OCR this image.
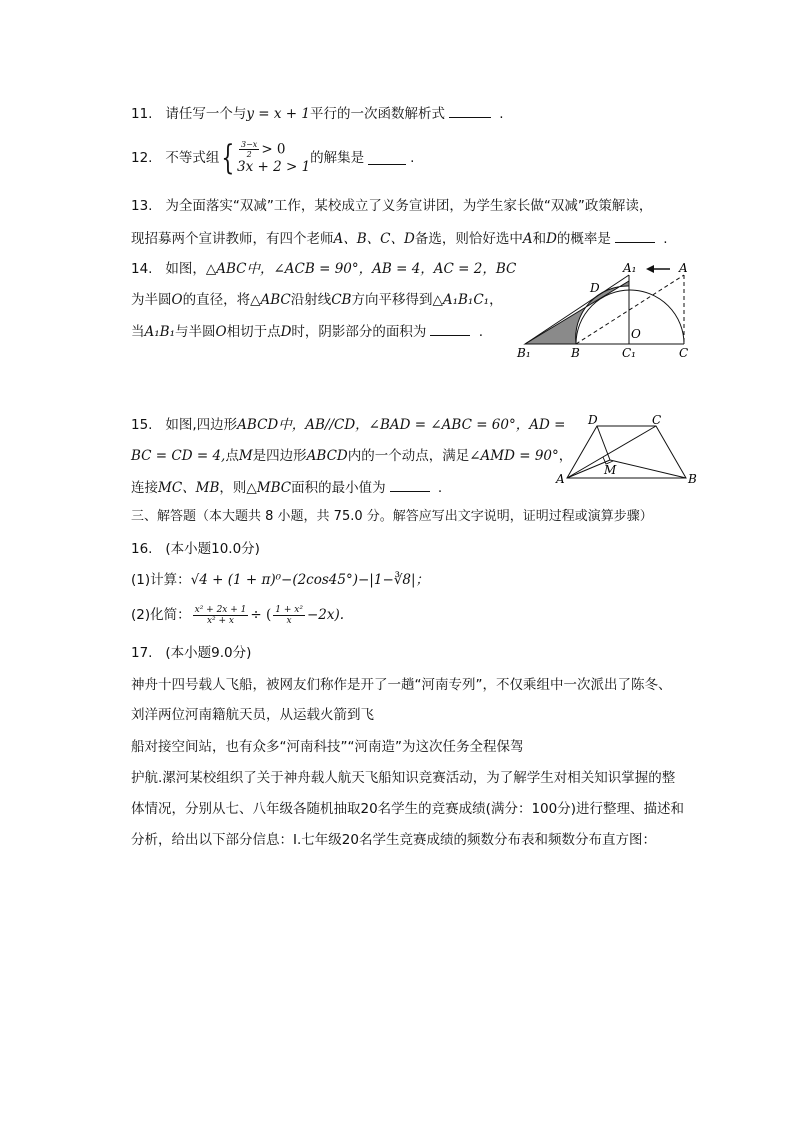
11. 请任写一个与y = x + 1平行的一次函数解析式	.
12. 不等式组{ $\frac{3-x}{2} > 0$
3x + 2 > 1
的解集是	.
13. 为全面落实“双减”工作，某校成立了义务宣讲团，为学生家长做“双减”政策解读，
现招募两个宣讲教师，有四个老师A、B、C、D备选，则恰好选中A和D的概率是	.
14. 如图，△ABC中，∠ACB = 90°，AB = 4，AC = 2，BC
为半圆O的直径，将△ABC沿射线CB方向平移得到△A₁B₁C₁，
当A₁B₁与半圆O相切于点D时，阴影部分的面积为	.
A₁	A
D
O
B₁	B	C₁	C
15. 如图,四边形ABCD中，AB//CD，∠BAD = ∠ABC = 60°，AD =
BC = CD = 4,点M是四边形ABCD内的一个动点，满足∠AMD = 90°，
连接MC、MB，则△MBC面积的最小值为	.
D	C
M
A	B
三、解答题（本大题共 8 小题，共 75.0 分。解答应写出文字说明，证明过程或演算步骤）
16. (本小题10.0分)
(1)计算：√4 + (1 + π)⁰−(2cos45°)−|1−∛8|；
(2)化简： $\frac{\text{x² + 2x + 1}}{\text{x² + x}}$ ÷ ( $\frac{\text{1 + x²}}{x} -2x$).
17. (本小题9.0分)
神舟十四号载人飞船，被网友们称作是开了一趟“河南专列”，不仅乘组中一次派出了陈冬、
刘洋两位河南籍航天员，从运载火箭到飞
船对接空间站，也有众多“河南科技”“河南造”为这次任务全程保驾
护航.漯河某校组织了关于神舟载人航天飞船知识竞赛活动，为了解学生对相关知识掌握的整
体情况，分别从七、八年级各随机抽取20名学生的竞赛成绩(满分：100分)进行整理、描述和
分析，给出以下部分信息：Ⅰ.七年级20名学生竞赛成绩的频数分布表和频数分布直方图：
